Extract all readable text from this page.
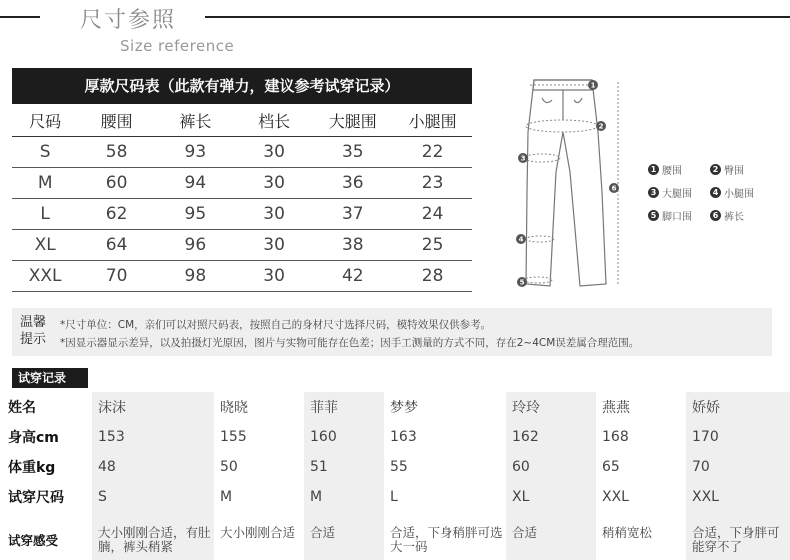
尺寸参照
Size reference
厚款尺码表（此款有弹力，建议参考试穿记录）
尺码	腰围	裤长	档长	大腿围	小腿围
S	58	93	30	35	22
M	60	94	30	36	23
L	62	95	30	37	24
XL	64	96	30	38	25
XXL	70	98	30	42	28
1
2
3
4
5
6
1 腰围	2 臀围
3 大腿围	4 小腿围
5 脚口围	6 裤长
温馨
提示
*尺寸单位：CM，亲们可以对照尺码表，按照自己的身材尺寸选择尺码，模特效果仅供参考。
*因显示器显示差异，以及拍摄灯光原因，图片与实物可能存在色差；因手工测量的方式不同，存在2~4CM误差属合理范围。
试穿记录
姓名	沫沫	晓晓	菲菲	梦梦	玲玲	燕燕	娇娇
身高cm	153	155	160	163	162	168	170
体重kg	48	50	51	55	60	65	70
试穿尺码	S	M	M	L	XL	XXL	XXL
试穿感受	大小刚刚合适，有肚腩，裤头稍紧	大小刚刚合适	合适	合适，下身稍胖可选大一码	合适	稍稍宽松	合适，下身胖可能穿不了
